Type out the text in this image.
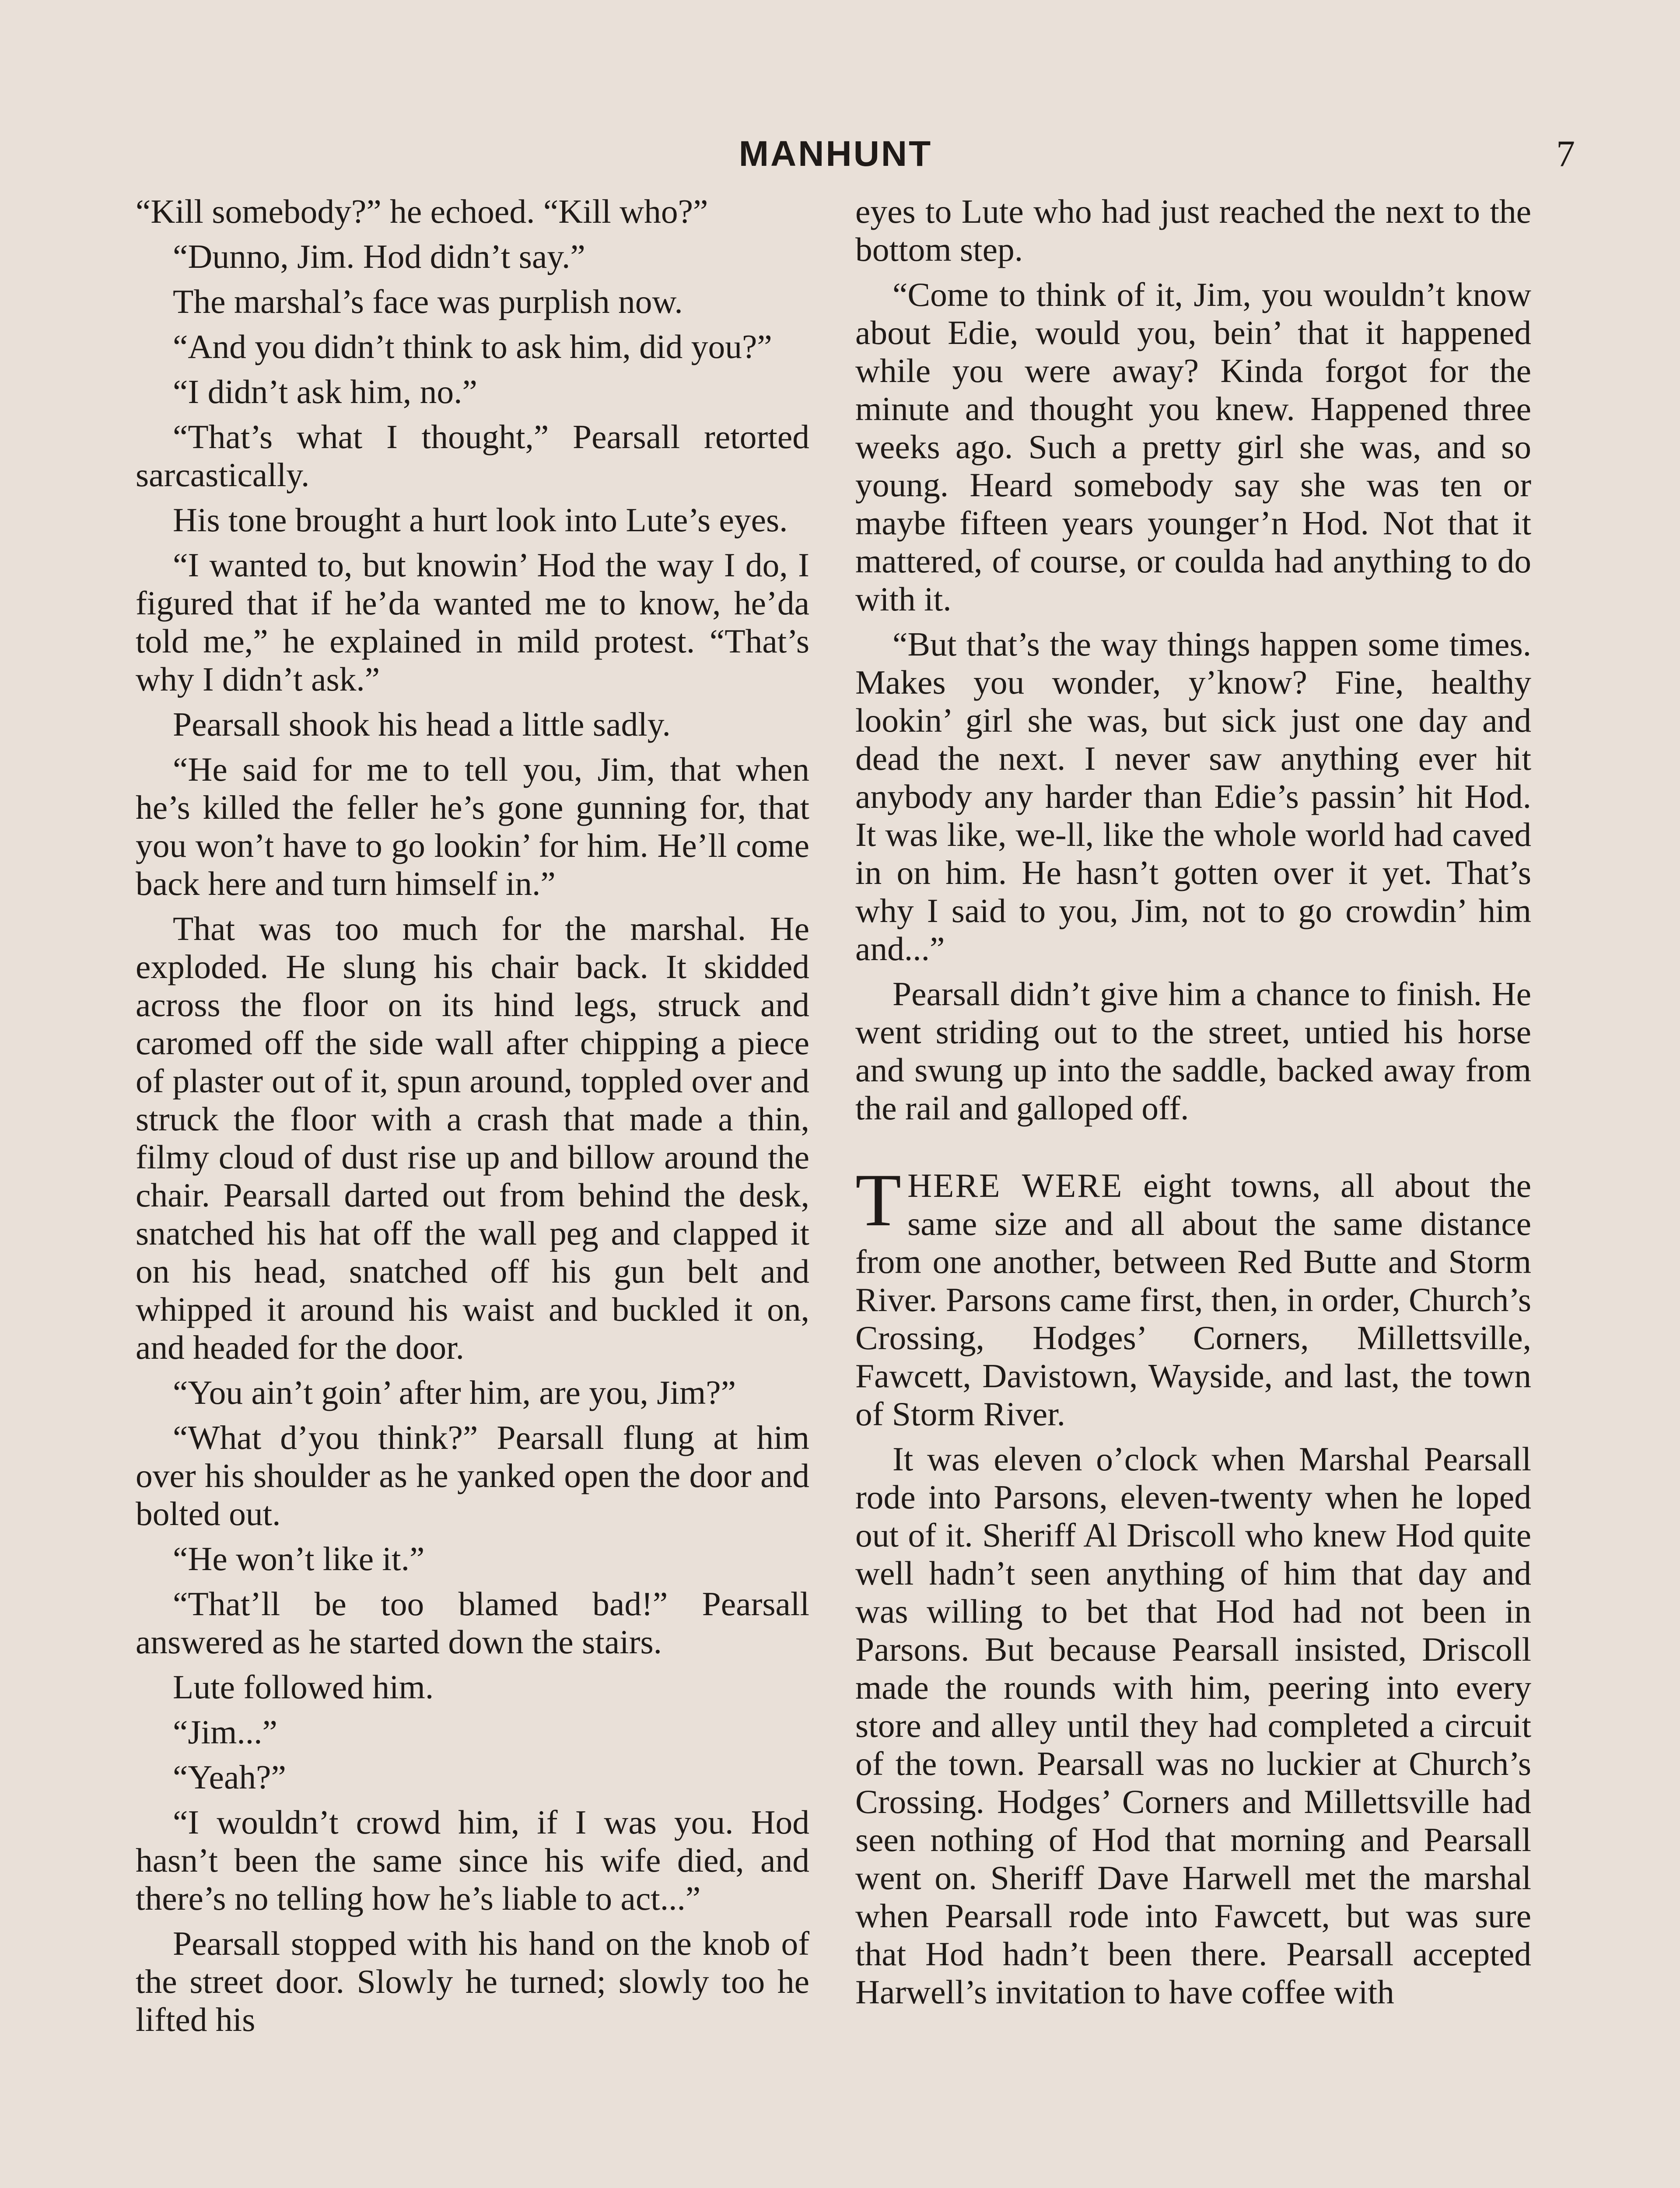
MANHUNT	7

“Kill somebody?” he echoed. “Kill who?”

“Dunno, Jim. Hod didn’t say.”

The marshal’s face was purplish now.

“And you didn’t think to ask him, did you?”

“I didn’t ask him, no.”

“That’s what I thought,” Pearsall retorted sarcastically.

His tone brought a hurt look into Lute’s eyes.

“I wanted to, but knowin’ Hod the way I do, I figured that if he’da wanted me to know, he’da told me,” he explained in mild protest. “That’s why I didn’t ask.”

Pearsall shook his head a little sadly.

“He said for me to tell you, Jim, that when he’s killed the feller he’s gone gunning for, that you won’t have to go lookin’ for him. He’ll come back here and turn himself in.”

That was too much for the marshal. He exploded. He slung his chair back. It skidded across the floor on its hind legs, struck and caromed off the side wall after chipping a piece of plaster out of it, spun around, toppled over and struck the floor with a crash that made a thin, filmy cloud of dust rise up and billow around the chair. Pearsall darted out from behind the desk, snatched his hat off the wall peg and clapped it on his head, snatched off his gun belt and whipped it around his waist and buckled it on, and headed for the door.

“You ain’t goin’ after him, are you, Jim?”

“What d’you think?” Pearsall flung at him over his shoulder as he yanked open the door and bolted out.

“He won’t like it.”

“That’ll be too blamed bad!” Pearsall answered as he started down the stairs.

Lute followed him.

“Jim...”

“Yeah?”

“I wouldn’t crowd him, if I was you. Hod hasn’t been the same since his wife died, and there’s no telling how he’s liable to act...”

Pearsall stopped with his hand on the knob of the street door. Slowly he turned; slowly too he lifted his

eyes to Lute who had just reached the next to the bottom step.

“Come to think of it, Jim, you wouldn’t know about Edie, would you, bein’ that it happened while you were away? Kinda forgot for the minute and thought you knew. Happened three weeks ago. Such a pretty girl she was, and so young. Heard somebody say she was ten or maybe fifteen years younger’n Hod. Not that it mattered, of course, or coulda had anything to do with it.

“But that’s the way things happen some times. Makes you wonder, y’know? Fine, healthy lookin’ girl she was, but sick just one day and dead the next. I never saw anything ever hit anybody any harder than Edie’s passin’ hit Hod. It was like, we-ll, like the whole world had caved in on him. He hasn’t gotten over it yet. That’s why I said to you, Jim, not to go crowdin’ him and...”

Pearsall didn’t give him a chance to finish. He went striding out to the street, untied his horse and swung up into the saddle, backed away from the rail and galloped off.

THERE WERE eight towns, all about the same size and all about the same distance from one another, between Red Butte and Storm River. Parsons came first, then, in order, Church’s Crossing, Hodges’ Corners, Millettsville, Fawcett, Davistown, Wayside, and last, the town of Storm River.

It was eleven o’clock when Marshal Pearsall rode into Parsons, eleven-twenty when he loped out of it. Sheriff Al Driscoll who knew Hod quite well hadn’t seen anything of him that day and was willing to bet that Hod had not been in Parsons. But because Pearsall insisted, Driscoll made the rounds with him, peering into every store and alley until they had completed a circuit of the town. Pearsall was no luckier at Church’s Crossing. Hodges’ Corners and Millettsville had seen nothing of Hod that morning and Pearsall went on. Sheriff Dave Harwell met the marshal when Pearsall rode into Fawcett, but was sure that Hod hadn’t been there. Pearsall accepted Harwell’s invitation to have coffee with
